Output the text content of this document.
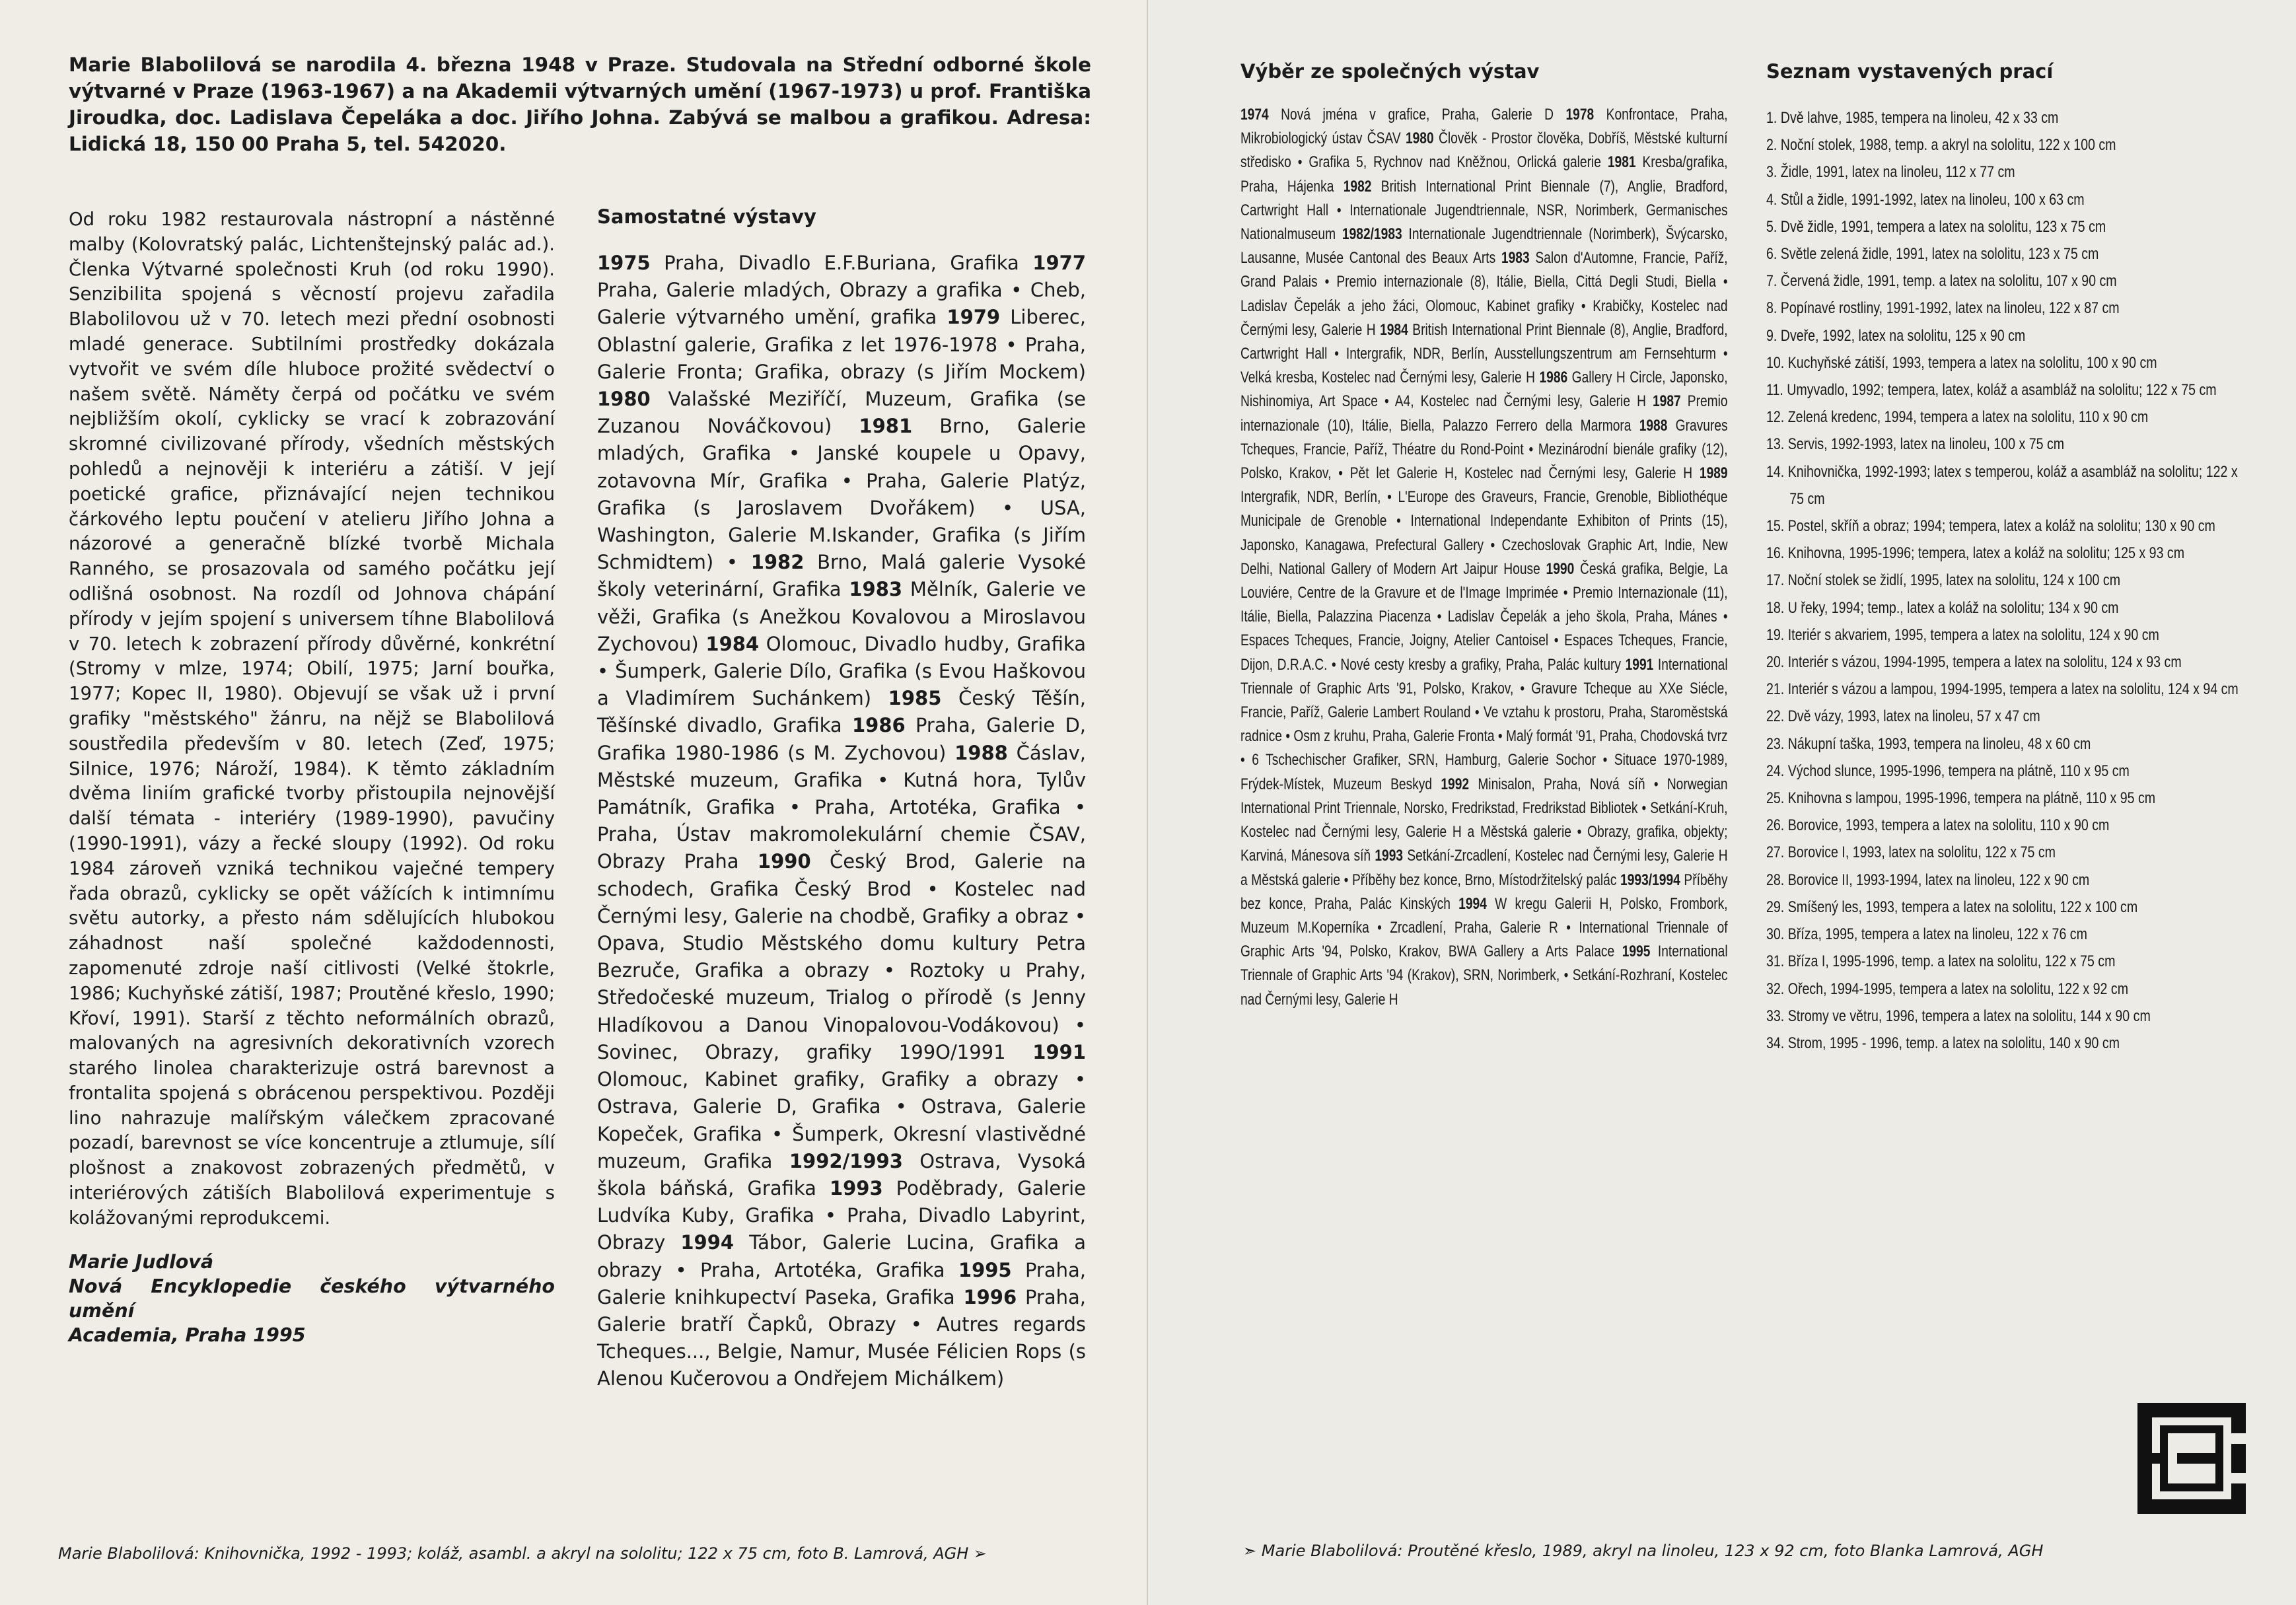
Marie Blabolilová se narodila 4. března 1948 v Praze. Studovala na Střední odborné škole výtvarné v Praze (1963-1967) a na Akademii výtvarných umění (1967-1973) u prof. Františka Jiroudka, doc. Ladislava Čepeláka a doc. Jiřího Johna. Zabývá se malbou a grafikou. Adresa: Lidická 18, 150 00 Praha 5, tel. 542020.

Od roku 1982 restaurovala nástropní a nástěnné malby (Kolovratský palác, Lichtenštejnský palác ad.). Členka Výtvarné společnosti Kruh (od roku 1990). Senzibilita spojená s věcností projevu zařadila Blabolilovou už v 70. letech mezi přední osobnosti mladé generace. Subtilními prostředky dokázala vytvořit ve svém díle hluboce prožité svědectví o našem světě. Náměty čerpá od počátku ve svém nejbližším okolí, cyklicky se vrací k zobrazování skromné civilizované přírody, všedních městských pohledů a nejnověji k interiéru a zátiší. V její poetické grafice, přiznávající nejen technikou čárkového leptu poučení v atelieru Jiřího Johna a názorové a generačně blízké tvorbě Michala Ranného, se prosazovala od samého počátku její odlišná osobnost. Na rozdíl od Johnova chápání přírody v jejím spojení s universem tíhne Blabolilová v 70. letech k zobrazení přírody důvěrné, konkrétní (Stromy v mlze, 1974; Obilí, 1975; Jarní bouřka, 1977; Kopec II, 1980). Objevují se však už i první grafiky "městského" žánru, na nějž se Blabolilová soustředila především v 80. letech (Zeď, 1975; Silnice, 1976; Nároží, 1984). K těmto základním dvěma liniím grafické tvorby přistoupila nejnovější další témata - interiéry (1989-1990), pavučiny (1990-1991), vázy a řecké sloupy (1992). Od roku 1984 zároveň vzniká technikou vaječné tempery řada obrazů, cyklicky se opět vážících k intimnímu světu autorky, a přesto nám sdělujících hlubokou záhadnost naší společné každodennosti, zapomenuté zdroje naší citlivosti (Velké štokrle, 1986; Kuchyňské zátiší, 1987; Proutěné křeslo, 1990; Křoví, 1991). Starší z těchto neformálních obrazů, malovaných na agresivních dekorativních vzorech starého linolea charakterizuje ostrá barevnost a frontalita spojená s obrácenou perspektivou. Později lino nahrazuje malířským válečkem zpracované pozadí, barevnost se více koncentruje a ztlumuje, sílí plošnost a znakovost zobrazených předmětů, v interiérových zátiších Blabolilová experimentuje s kolážovanými reprodukcemi.

Marie Judlová
Nová Encyklopedie českého výtvarného umění
Academia, Praha 1995
Samostatné výstavy
1975 Praha, Divadlo E.F.Buriana, Grafika 1977 Praha, Galerie mladých, Obrazy a grafika • Cheb, Galerie výtvarného umění, grafika 1979 Liberec, Oblastní galerie, Grafika z let 1976-1978 • Praha, Galerie Fronta; Grafika, obrazy (s Jiřím Mockem) 1980 Valašské Meziříčí, Muzeum, Grafika (se Zuzanou Nováčkovou) 1981 Brno, Galerie mladých, Grafika • Janské koupele u Opavy, zotavovna Mír, Grafika • Praha, Galerie Platýz, Grafika (s Jaroslavem Dvořákem) • USA, Washington, Galerie M.Iskander, Grafika (s Jiřím Schmidtem) • 1982 Brno, Malá galerie Vysoké školy veterinární, Grafika 1983 Mělník, Galerie ve věži, Grafika (s Anežkou Kovalovou a Miroslavou Zychovou) 1984 Olomouc, Divadlo hudby, Grafika • Šumperk, Galerie Dílo, Grafika (s Evou Haškovou a Vladimírem Suchánkem) 1985 Český Těšín, Těšínské divadlo, Grafika 1986 Praha, Galerie D, Grafika 1980-1986 (s M. Zychovou) 1988 Čáslav, Městské muzeum, Grafika • Kutná hora, Tylův Památník, Grafika • Praha, Artotéka, Grafika • Praha, Ústav makromolekulární chemie ČSAV, Obrazy Praha 1990 Český Brod, Galerie na schodech, Grafika Český Brod • Kostelec nad Černými lesy, Galerie na chodbě, Grafiky a obraz • Opava, Studio Městského domu kultury Petra Bezruče, Grafika a obrazy • Roztoky u Prahy, Středočeské muzeum, Trialog o přírodě (s Jenny Hladíkovou a Danou Vinopalovou-Vodákovou) • Sovinec, Obrazy, grafiky 199O/1991 1991 Olomouc, Kabinet grafiky, Grafiky a obrazy • Ostrava, Galerie D, Grafika • Ostrava, Galerie Kopeček, Grafika • Šumperk, Okresní vlastivědné muzeum, Grafika 1992/1993 Ostrava, Vysoká škola báňská, Grafika 1993 Poděbrady, Galerie Ludvíka Kuby, Grafika • Praha, Divadlo Labyrint, Obrazy 1994 Tábor, Galerie Lucina, Grafika a obrazy • Praha, Artotéka, Grafika 1995 Praha, Galerie knihkupectví Paseka, Grafika 1996 Praha, Galerie bratří Čapků, Obrazy • Autres regards Tcheques..., Belgie, Namur, Musée Félicien Rops (s Alenou Kučerovou a Ondřejem Michálkem)
Marie Blabolilová: Knihovnička, 1992 - 1993; koláž, asambl. a akryl na sololitu; 122 x 75 cm, foto B. Lamrová, AGH ➢
Výběr ze společných výstav
1974 Nová jména v grafice, Praha, Galerie D 1978 Konfrontace, Praha, Mikrobiologický ústav ČSAV 1980 Člověk - Prostor člověka, Dobříš, Městské kulturní středisko • Grafika 5, Rychnov nad Kněžnou, Orlická galerie 1981 Kresba/grafika, Praha, Hájenka 1982 British International Print Biennale (7), Anglie, Bradford, Cartwright Hall • Internationale Jugendtriennale, NSR, Norimberk, Germanisches Nationalmuseum 1982/1983 Internationale Jugendtriennale (Norimberk), Švýcarsko, Lausanne, Musée Cantonal des Beaux Arts 1983 Salon d'Automne, Francie, Paříž, Grand Palais • Premio internazionale (8), Itálie, Biella, Cittá Degli Studi, Biella • Ladislav Čepelák a jeho žáci, Olomouc, Kabinet grafiky • Krabičky, Kostelec nad Černými lesy, Galerie H 1984 British International Print Biennale (8), Anglie, Bradford, Cartwright Hall • Intergrafik, NDR, Berlín, Ausstellungszentrum am Fernsehturm • Velká kresba, Kostelec nad Černými lesy, Galerie H 1986 Gallery H Circle, Japonsko, Nishinomiya, Art Space • A4, Kostelec nad Černými lesy, Galerie H 1987 Premio internazionale (10), Itálie, Biella, Palazzo Ferrero della Marmora 1988 Gravures Tcheques, Francie, Paříž, Théatre du Rond-Point • Mezinárodní bienále grafiky (12), Polsko, Krakov, • Pět let Galerie H, Kostelec nad Černými lesy, Galerie H 1989 Intergrafik, NDR, Berlín, • L'Europe des Graveurs, Francie, Grenoble, Bibliothéque Municipale de Grenoble • International Independante Exhibiton of Prints (15), Japonsko, Kanagawa, Prefectural Gallery • Czechoslovak Graphic Art, Indie, New Delhi, National Gallery of Modern Art Jaipur House 1990 Česká grafika, Belgie, La Louviére, Centre de la Gravure et de l'Image Imprimée • Premio Internazionale (11), Itálie, Biella, Palazzina Piacenza • Ladislav Čepelák a jeho škola, Praha, Mánes • Espaces Tcheques, Francie, Joigny, Atelier Cantoisel • Espaces Tcheques, Francie, Dijon, D.R.A.C. • Nové cesty kresby a grafiky, Praha, Palác kultury 1991 International Triennale of Graphic Arts '91, Polsko, Krakov, • Gravure Tcheque au XXe Siécle, Francie, Paříž, Galerie Lambert Rouland • Ve vztahu k prostoru, Praha, Staroměstská radnice • Osm z kruhu, Praha, Galerie Fronta • Malý formát '91, Praha, Chodovská tvrz • 6 Tschechischer Grafiker, SRN, Hamburg, Galerie Sochor • Situace 1970-1989, Frýdek-Místek, Muzeum Beskyd 1992 Minisalon, Praha, Nová síň • Norwegian International Print Triennale, Norsko, Fredrikstad, Fredrikstad Bibliotek • Setkání-Kruh, Kostelec nad Černými lesy, Galerie H a Městská galerie • Obrazy, grafika, objekty; Karviná, Mánesova síň 1993 Setkání-Zrcadlení, Kostelec nad Černými lesy, Galerie H a Městská galerie • Příběhy bez konce, Brno, Místodržitelský palác 1993/1994 Příběhy bez konce, Praha, Palác Kinských 1994 W kregu Galerii H, Polsko, Frombork, Muzeum M.Koperníka • Zrcadlení, Praha, Galerie R • International Triennale of Graphic Arts '94, Polsko, Krakov, BWA Gallery a Arts Palace 1995 International Triennale of Graphic Arts '94 (Krakov), SRN, Norimberk, • Setkání-Rozhraní, Kostelec nad Černými lesy, Galerie H
Seznam vystavených prací
1. Dvě lahve, 1985, tempera na linoleu, 42 x 33 cm
2. Noční stolek, 1988, temp. a akryl na sololitu, 122 x 100 cm
3. Židle, 1991, latex na linoleu, 112 x 77 cm
4. Stůl a židle, 1991-1992, latex na linoleu, 100 x 63 cm
5. Dvě židle, 1991, tempera a latex na sololitu, 123 x 75 cm
6. Světle zelená židle, 1991, latex na sololitu, 123 x 75 cm
7. Červená židle, 1991, temp. a latex na sololitu, 107 x 90 cm
8. Popínavé rostliny, 1991-1992, latex na linoleu, 122 x 87 cm
9. Dveře, 1992, latex na sololitu, 125 x 90 cm
10. Kuchyňské zátiší, 1993, tempera a latex na sololitu, 100 x 90 cm
11. Umyvadlo, 1992; tempera, latex, koláž a asambláž na sololitu; 122 x 75 cm
12. Zelená kredenc, 1994, tempera a latex na sololitu, 110 x 90 cm
13. Servis, 1992-1993, latex na linoleu, 100 x 75 cm
14. Knihovnička, 1992-1993; latex s temperou, koláž a asambláž na sololitu; 122 x 75 cm
15. Postel, skříň a obraz; 1994; tempera, latex a koláž na sololitu; 130 x 90 cm
16. Knihovna, 1995-1996; tempera, latex a koláž na sololitu; 125 x 93 cm
17. Noční stolek se židlí, 1995, latex na sololitu, 124 x 100 cm
18. U řeky, 1994; temp., latex a koláž na sololitu; 134 x 90 cm
19. Iteriér s akvariem, 1995, tempera a latex na sololitu, 124 x 90 cm
20. Interiér s vázou, 1994-1995, tempera a latex na sololitu, 124 x 93 cm
21. Interiér s vázou a lampou, 1994-1995, tempera a latex na sololitu, 124 x 94 cm
22. Dvě vázy, 1993, latex na linoleu, 57 x 47 cm
23. Nákupní taška, 1993, tempera na linoleu, 48 x 60 cm
24. Východ slunce, 1995-1996, tempera na plátně, 110 x 95 cm
25. Knihovna s lampou, 1995-1996, tempera na plátně, 110 x 95 cm
26. Borovice, 1993, tempera a latex na sololitu, 110 x 90 cm
27. Borovice I, 1993, latex na sololitu, 122 x 75 cm
28. Borovice II, 1993-1994, latex na linoleu, 122 x 90 cm
29. Smíšený les, 1993, tempera a latex na sololitu, 122 x 100 cm
30. Bříza, 1995, tempera a latex na linoleu, 122 x 76 cm
31. Bříza I, 1995-1996, temp. a latex na sololitu, 122 x 75 cm
32. Ořech, 1994-1995, tempera a latex na sololitu, 122 x 92 cm
33. Stromy ve větru, 1996, tempera a latex na sololitu, 144 x 90 cm
34. Strom, 1995 - 1996, temp. a latex na sololitu, 140 x 90 cm
➣ Marie Blabolilová: Proutěné křeslo, 1989, akryl na linoleu, 123 x 92 cm, foto Blanka Lamrová, AGH
